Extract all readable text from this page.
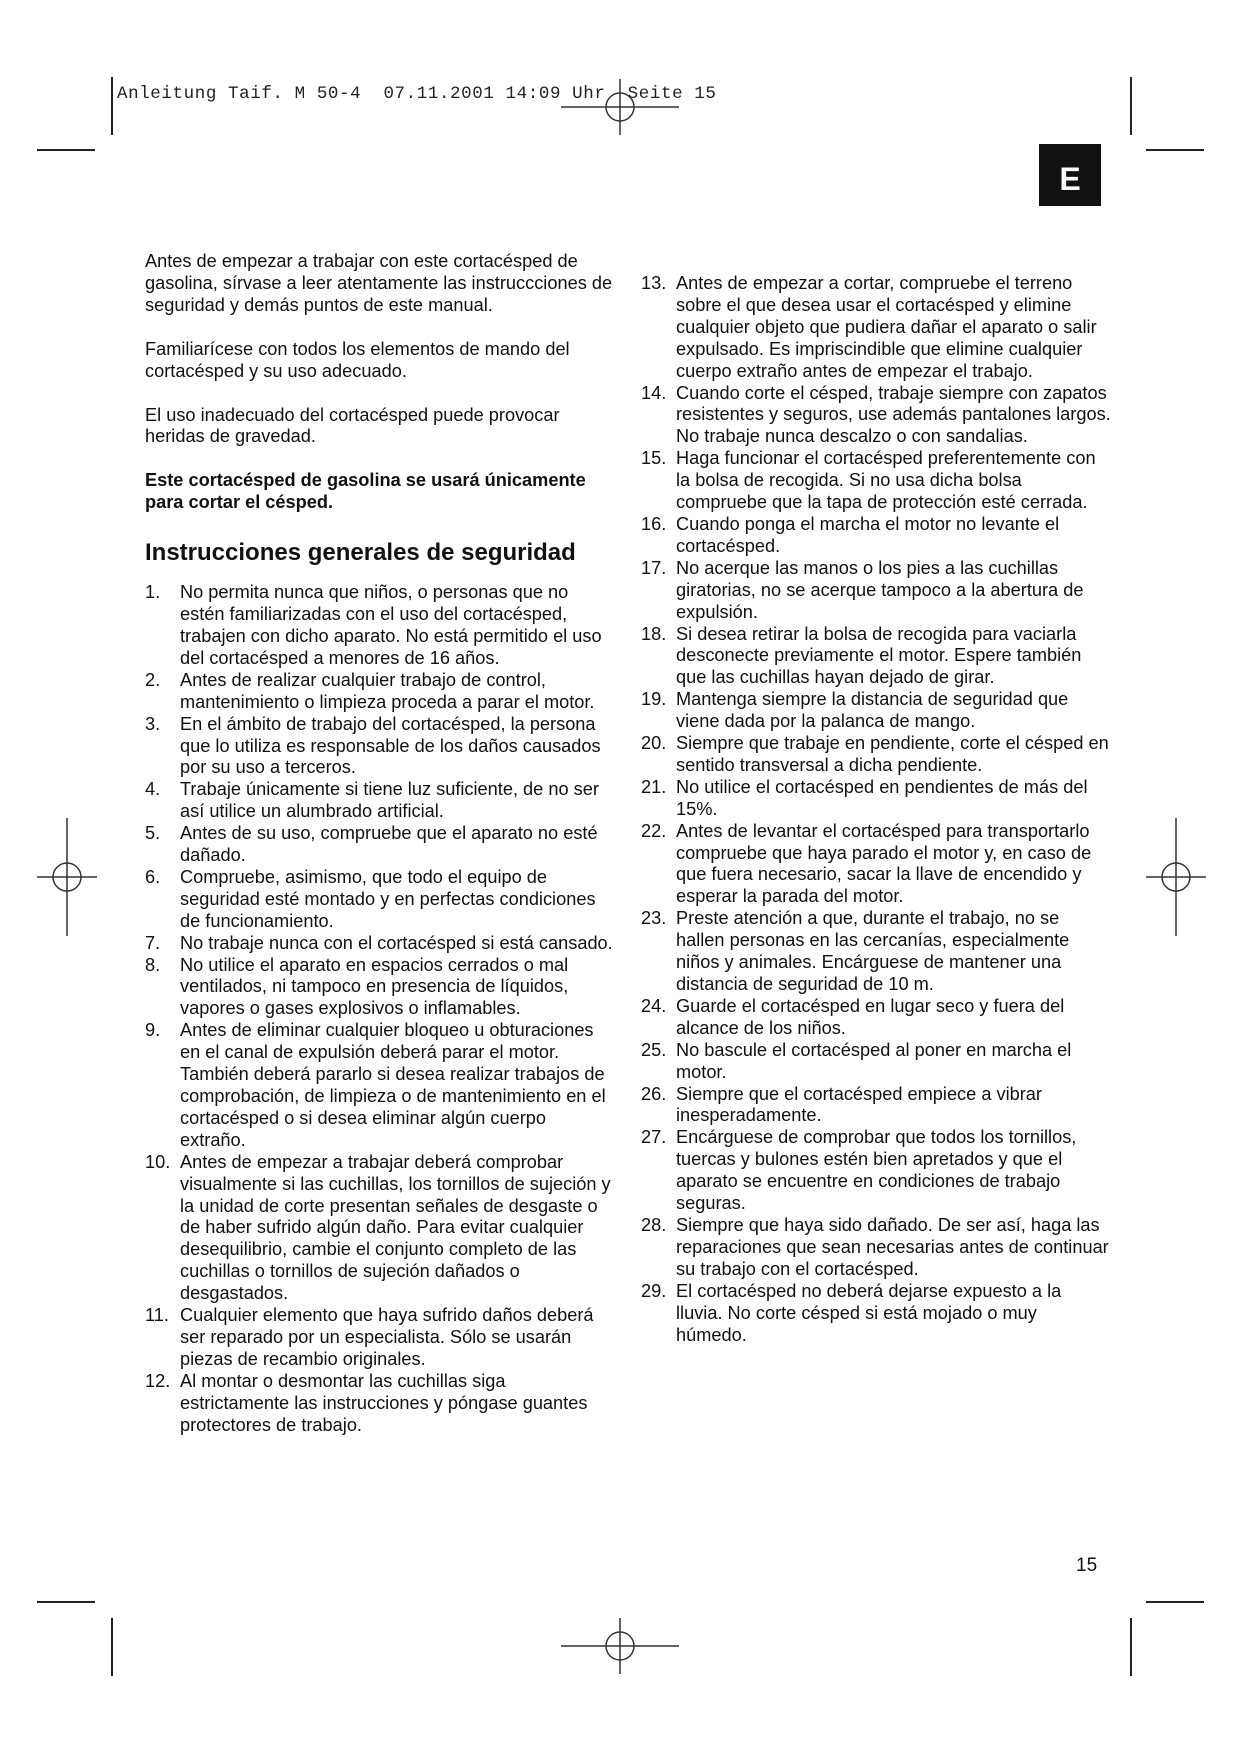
Anleitung Taif. M 50-4  07.11.2001 14:09 Uhr  Seite 15
E

Antes de empezar a trabajar con este cortacésped de gasolina, sírvase a leer atentamente las instruccciones de seguridad y demás puntos de este manual.

Familiarícese con todos los elementos de mando del cortacésped y su uso adecuado.

El uso inadecuado del cortacésped puede provocar heridas de gravedad.

Este cortacésped de gasolina se usará únicamente para cortar el césped.

Instrucciones generales de seguridad
1. No permita nunca que niños, o personas que no estén familiarizadas con el uso del cortacésped, trabajen con dicho aparato. No está permitido el uso del cortacésped a menores de 16 años.
2. Antes de realizar cualquier trabajo de control, mantenimiento o limpieza proceda a parar el motor.
3. En el ámbito de trabajo del cortacésped, la persona que lo utiliza es responsable de los daños causados por su uso a terceros.
4. Trabaje únicamente si tiene luz suficiente, de no ser así utilice un alumbrado artificial.
5. Antes de su uso, compruebe que el aparato no esté dañado.
6. Compruebe, asimismo, que todo el equipo de seguridad esté montado y en perfectas condiciones de funcionamiento.
7. No trabaje nunca con el cortacésped si está cansado.
8. No utilice el aparato en espacios cerrados o mal ventilados, ni tampoco en presencia de líquidos, vapores o gases explosivos o inflamables.
9. Antes de eliminar cualquier bloqueo u obturaciones en el canal de expulsión deberá parar el motor. También deberá pararlo si desea realizar trabajos de comprobación, de limpieza o de mantenimiento en el cortacésped o si desea eliminar algún cuerpo extraño.
10. Antes de empezar a trabajar deberá comprobar visualmente si las cuchillas, los tornillos de sujeción y la unidad de corte presentan señales de desgaste o de haber sufrido algún daño. Para evitar cualquier desequilibrio, cambie el conjunto completo de las cuchillas o tornillos de sujeción dañados o desgastados.
11. Cualquier elemento que haya sufrido daños deberá ser reparado por un especialista. Sólo se usarán piezas de recambio originales.
12. Al montar o desmontar las cuchillas siga estrictamente las instrucciones y póngase guantes protectores de trabajo.
13. Antes de empezar a cortar, compruebe el terreno sobre el que desea usar el cortacésped y elimine cualquier objeto que pudiera dañar el aparato o salir expulsado. Es impriscindible que elimine cualquier cuerpo extraño antes de empezar el trabajo.
14. Cuando corte el césped, trabaje siempre con zapatos resistentes y seguros, use además pantalones largos. No trabaje nunca descalzo o con sandalias.
15. Haga funcionar el cortacésped preferentemente con la bolsa de recogida. Si no usa dicha bolsa compruebe que la tapa de protección esté cerrada.
16. Cuando ponga el marcha el motor no levante el cortacésped.
17. No acerque las manos o los pies a las cuchillas giratorias, no se acerque tampoco a la abertura de expulsión.
18. Si desea retirar la bolsa de recogida para vaciarla desconecte previamente el motor. Espere también que las cuchillas hayan dejado de girar.
19. Mantenga siempre la distancia de seguridad que viene dada por la palanca de mango.
20. Siempre que trabaje en pendiente, corte el césped en sentido transversal a dicha pendiente.
21. No utilice el cortacésped en pendientes de más del 15%.
22. Antes de levantar el cortacésped para transportarlo compruebe que haya parado el motor y, en caso de que fuera necesario, sacar la llave de encendido y esperar la parada del motor.
23. Preste atención a que, durante el trabajo, no se hallen personas en las cercanías, especialmente niños y animales. Encárguese de mantener una distancia de seguridad de 10 m.
24. Guarde el cortacésped en lugar seco y fuera del alcance de los niños.
25. No bascule el cortacésped al poner en marcha el motor.
26. Siempre que el cortacésped empiece a vibrar inesperadamente.
27. Encárguese de comprobar que todos los tornillos, tuercas y bulones estén bien apretados y que el aparato se encuentre en condiciones de trabajo seguras.
28. Siempre que haya sido dañado. De ser así, haga las reparaciones que sean necesarias antes de continuar su trabajo con el cortacésped.
29. El cortacésped no deberá dejarse expuesto a la lluvia. No corte césped si está mojado o muy húmedo.
15
